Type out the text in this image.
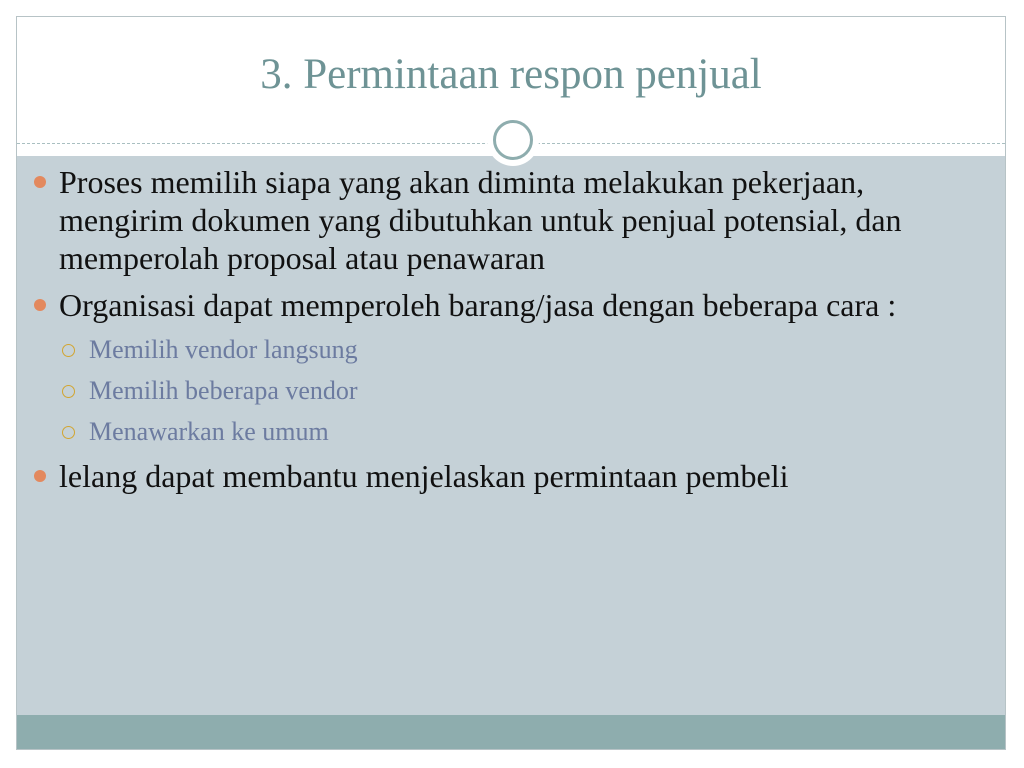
3. Permintaan respon penjual
Proses memilih siapa yang akan diminta melakukan pekerjaan, mengirim dokumen yang dibutuhkan untuk penjual potensial, dan memperolah proposal atau penawaran
Organisasi dapat memperoleh barang/jasa dengan beberapa cara :
Memilih vendor langsung
Memilih beberapa vendor
Menawarkan ke umum
lelang dapat membantu menjelaskan permintaan pembeli
